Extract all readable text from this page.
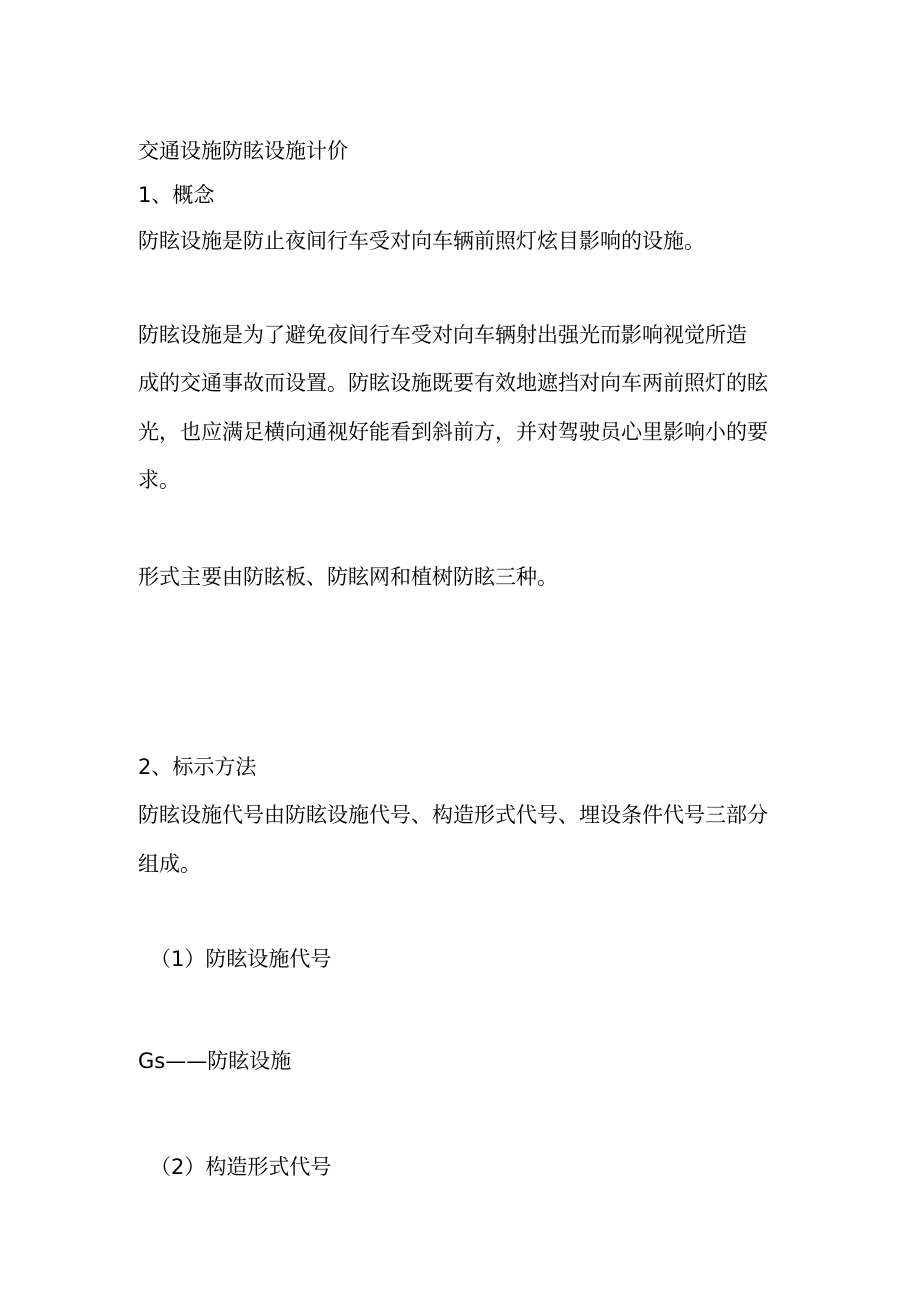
交通设施防眩设施计价
1、概念
防眩设施是防止夜间行车受对向车辆前照灯炫目影响的设施。
防眩设施是为了避免夜间行车受对向车辆射出强光而影响视觉所造
成的交通事故而设置。防眩设施既要有效地遮挡对向车两前照灯的眩
光，也应满足横向通视好能看到斜前方，并对驾驶员心里影响小的要
求。
形式主要由防眩板、防眩网和植树防眩三种。
2、标示方法
防眩设施代号由防眩设施代号、构造形式代号、埋设条件代号三部分
组成。
（1）防眩设施代号
Gs——防眩设施
（2）构造形式代号
